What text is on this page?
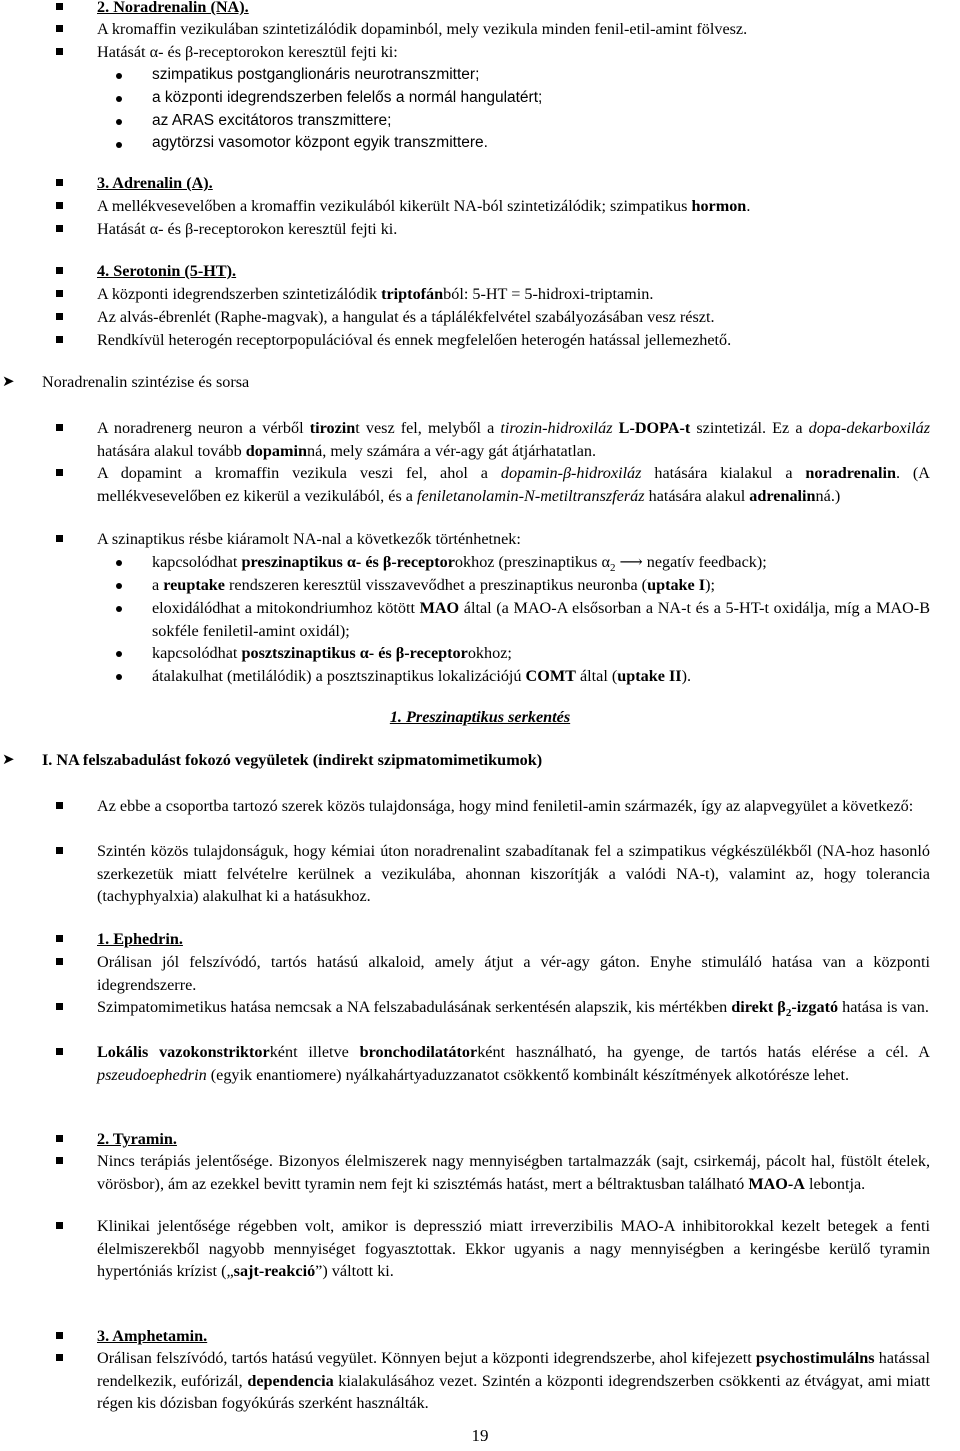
2. Noradrenalin (NA).
A kromaffin vezikulában szintetizálódik dopaminból, mely vezikula minden fenil-etil-amint fölvesz.
Hatását α- és β-receptorokon keresztül fejti ki:
szimpatikus postganglionáris neurotranszmitter;
a központi idegrendszerben felelős a normál hangulatért;
az ARAS excitátoros transzmittere;
agytörzsi vasomotor központ egyik transzmittere.
3. Adrenalin (A).
A mellékvesevelőben a kromaffin vezikulából kikerült NA-ból szintetizálódik; szimpatikus hormon.
Hatását α- és β-receptorokon keresztül fejti ki.
4. Serotonin (5-HT).
A központi idegrendszerben szintetizálódik triptofánból: 5-HT = 5-hidroxi-triptamin.
Az alvás-ébrenlét (Raphe-magvak), a hangulat és a táplálékfelvétel szabályozásában vesz részt.
Rendkívül heterogén receptorpopulációval és ennek megfelelően heterogén hatással jellemezhető.
➤ Noradrenalin szintézise és sorsa
A noradrenerg neuron a vérből tirozint vesz fel, melyből a tirozin-hidroxiláz L-DOPA-t szintetizál. Ez a dopa-dekarboxiláz hatására alakul tovább dopaminná, mely számára a vér-agy gát átjárhatatlan.
A dopamint a kromaffin vezikula veszi fel, ahol a dopamin-β-hidroxiláz hatására kialakul a noradrenalin. (A mellékvesevelőben ez kikerül a vezikulából, és a feniletanolamin-N-metiltranszferáz hatására alakul adrenalinná.)
A szinaptikus résbe kiáramolt NA-nal a következők történhetnek:
kapcsolódhat preszinaptikus α- és β-receptorokhoz (preszinaptikus $\alpha_2$ ⟶ negatív feedback);
a reuptake rendszeren keresztül visszavevődhet a preszinaptikus neuronba (uptake I);
eloxidálódhat a mitokondriumhoz kötött MAO által (a MAO-A elsősorban a NA-t és a 5-HT-t oxidálja, míg a MAO-B sokféle feniletil-amint oxidál);
kapcsolódhat posztszinaptikus α- és β-receptorokhoz;
átalakulhat (metilálódik) a posztszinaptikus lokalizációjú COMT által (uptake II).
1. Preszinaptikus serkentés
➤ I. NA felszabadulást fokozó vegyületek (indirekt szipmatomimetikumok)
Az ebbe a csoportba tartozó szerek közös tulajdonsága, hogy mind feniletil-amin származék, így az alapvegyület a következő:
Szintén közös tulajdonságuk, hogy kémiai úton noradrenalint szabadítanak fel a szimpatikus végkészülékből (NA-hoz hasonló szerkezetük miatt felvételre kerülnek a vezikulába, ahonnan kiszorítják a valódi NA-t), valamint az, hogy tolerancia (tachyphyalxia) alakulhat ki a hatásukhoz.
1. Ephedrin.
Orálisan jól felszívódó, tartós hatású alkaloid, amely átjut a vér-agy gáton. Enyhe stimuláló hatása van a központi idegrendszerre.
Szimpatomimetikus hatása nemcsak a NA felszabadulásának serkentésén alapszik, kis mértékben direkt $\beta_2$-izgató hatása is van.
Lokális vazokonstriktorként illetve bronchodilatátorként használható, ha gyenge, de tartós hatás elérése a cél. A pszeudoephedrin (egyik enantiomere) nyálkahártyaduzzanatot csökkentő kombinált készítmények alkotórésze lehet.
2. Tyramin.
Nincs terápiás jelentősége. Bizonyos élelmiszerek nagy mennyiségben tartalmazzák (sajt, csirkemáj, pácolt hal, füstölt ételek, vörösbor), ám az ezekkel bevitt tyramin nem fejt ki szisztémás hatást, mert a béltraktusban található MAO-A lebontja.
Klinikai jelentősége régebben volt, amikor is depresszió miatt irreverzibilis MAO-A inhibitorokkal kezelt betegek a fenti élelmiszerekből nagyobb mennyiséget fogyasztottak. Ekkor ugyanis a nagy mennyiségben a keringésbe kerülő tyramin hypertóniás krízist („sajt-reakció”) váltott ki.
3. Amphetamin.
Orálisan felszívódó, tartós hatású vegyület. Könnyen bejut a központi idegrendszerbe, ahol kifejezett psychostimulálns hatással rendelkezik, eufórizál, dependencia kialakulásához vezet. Szintén a központi idegrendszerben csökkenti az étvágyat, ami miatt régen kis dózisban fogyókúrás szerként használták.
19
